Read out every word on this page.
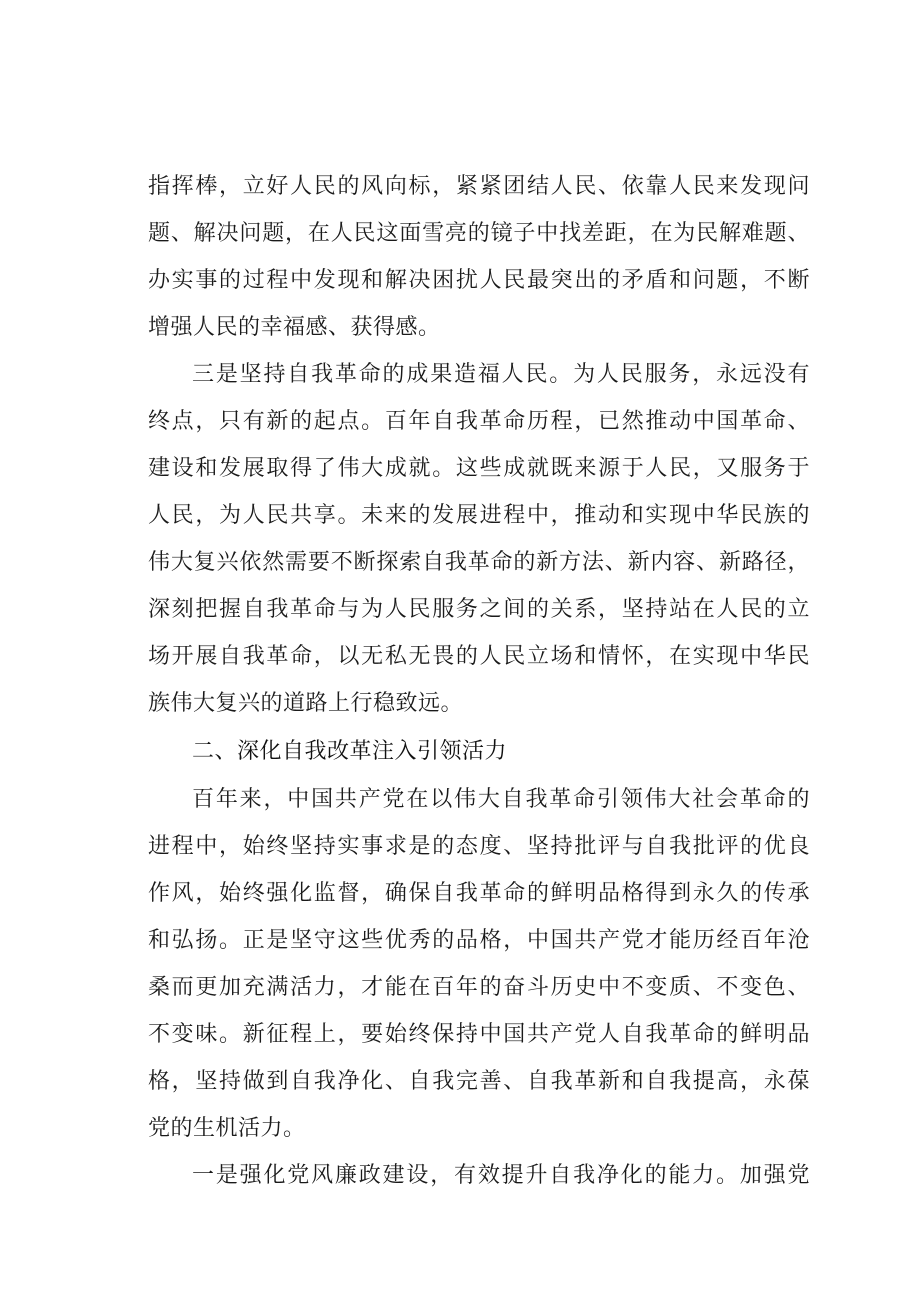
指挥棒，立好人民的风向标，紧紧团结人民、依靠人民来发现问
题、解决问题，在人民这面雪亮的镜子中找差距，在为民解难题、
办实事的过程中发现和解决困扰人民最突出的矛盾和问题，不断
增强人民的幸福感、获得感。
三是坚持自我革命的成果造福人民。为人民服务，永远没有
终点，只有新的起点。百年自我革命历程，已然推动中国革命、
建设和发展取得了伟大成就。这些成就既来源于人民，又服务于
人民，为人民共享。未来的发展进程中，推动和实现中华民族的
伟大复兴依然需要不断探索自我革命的新方法、新内容、新路径，
深刻把握自我革命与为人民服务之间的关系，坚持站在人民的立
场开展自我革命，以无私无畏的人民立场和情怀，在实现中华民
族伟大复兴的道路上行稳致远。
二、深化自我改革注入引领活力
百年来，中国共产党在以伟大自我革命引领伟大社会革命的
进程中，始终坚持实事求是的态度、坚持批评与自我批评的优良
作风，始终强化监督，确保自我革命的鲜明品格得到永久的传承
和弘扬。正是坚守这些优秀的品格，中国共产党才能历经百年沧
桑而更加充满活力，才能在百年的奋斗历史中不变质、不变色、
不变味。新征程上，要始终保持中国共产党人自我革命的鲜明品
格，坚持做到自我净化、自我完善、自我革新和自我提高，永葆
党的生机活力。
一是强化党风廉政建设，有效提升自我净化的能力。加强党
